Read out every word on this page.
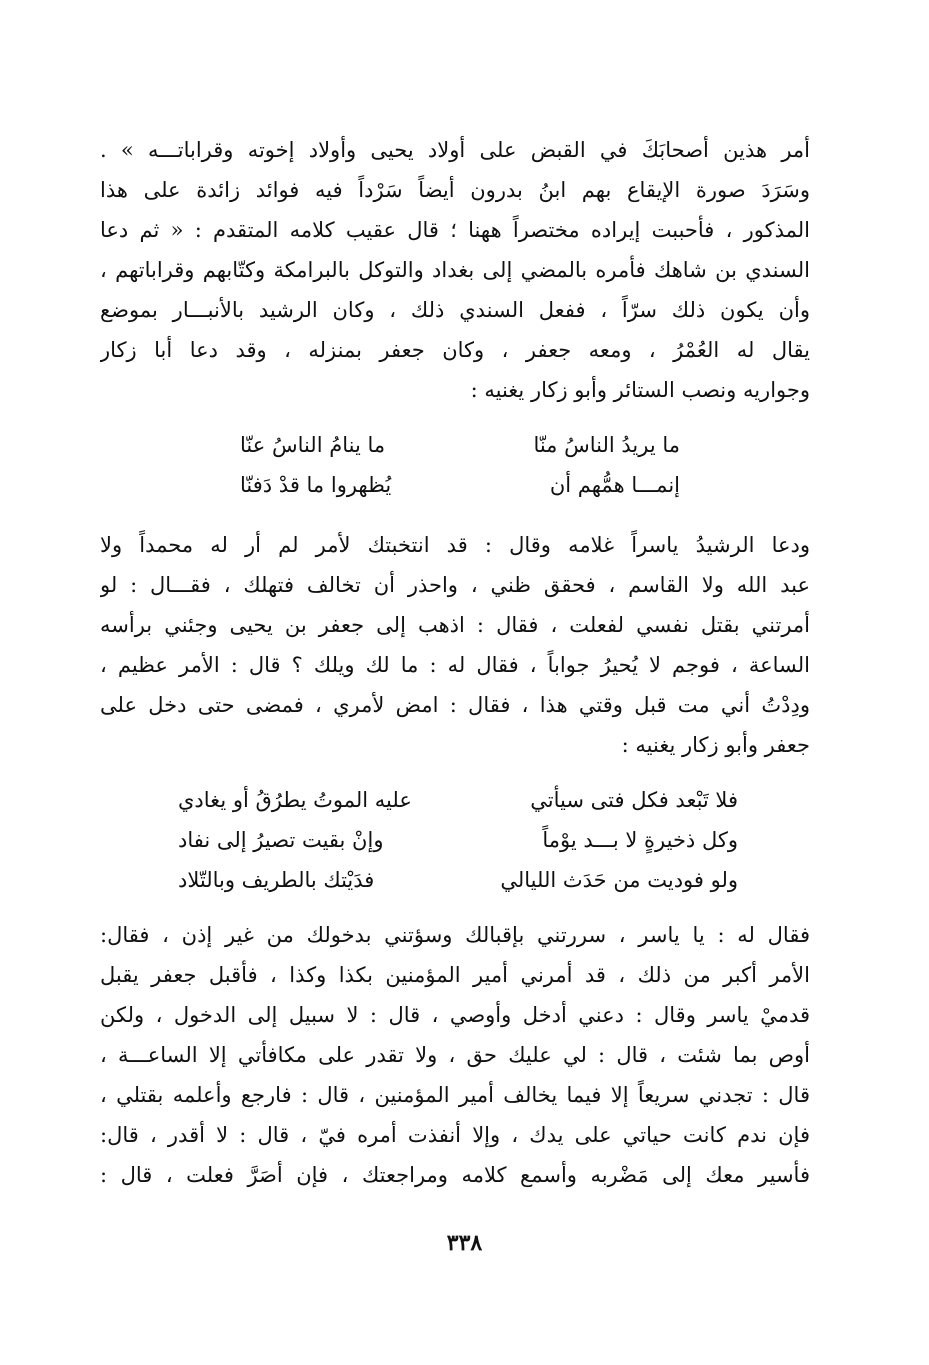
أمر هذين أصحابَكَ في القبض على أولاد يحيى وأولاد إخوته وقراباتـــه » .
وسَرَدَ صورة الإيقاع بهم ابنُ بدرون أيضاً سَرْداً فيه فوائد زائدة على هذا
المذكور ، فأحببت إيراده مختصراً ههنا ؛ قال عقيب كلامه المتقدم : « ثم دعا
السندي بن شاهك فأمره بالمضي إلى بغداد والتوكل بالبرامكة وكتّابهم وقراباتهم ،
وأن يكون ذلك سرّاً ، ففعل السندي ذلك ، وكان الرشيد بالأنبـــار بموضع
يقال له العُمْرُ ، ومعه جعفر ، وكان جعفر بمنزله ، وقد دعا أبا زكار
وجواريه ونصب الستائر وأبو زكار يغنيه :
ما يريدُ الناسُ منّا
ما ينامُ الناسُ عنّا
إنمـــا همُّهم أن
يُظهروا ما قدْ دَفنّا
ودعا الرشيدُ ياسراً غلامه وقال : قد انتخبتك لأمر لم أر له محمداً ولا
عبد الله ولا القاسم ، فحقق ظني ، واحذر أن تخالف فتهلك ، فقـــال : لو
أمرتني بقتل نفسي لفعلت ، فقال : اذهب إلى جعفر بن يحيى وجئني برأسه
الساعة ، فوجم لا يُحيرُ جواباً ، فقال له : ما لك ويلك ؟ قال : الأمر عظيم ،
ودِدْتُ أني مت قبل وقتي هذا ، فقال : امض لأمري ، فمضى حتى دخل على
جعفر وأبو زكار يغنيه :
فلا تَبْعد فكل فتى سيأتي
عليه الموتُ يطرُقُ أو يغادي
وكل ذخيرةٍ لا بـــد يوْماً
وإنْ بقيت تصيرُ إلى نفاد
ولو فوديت من حَدَث الليالي
فدَيْتك بالطريف وبالتّلاد
فقال له : يا ياسر ، سررتني بإقبالك وسؤتني بدخولك من غير إذن ، فقال:
الأمر أكبر من ذلك ، قد أمرني أمير المؤمنين بكذا وكذا ، فأقبل جعفر يقبل
قدميْ ياسر وقال : دعني أدخل وأوصي ، قال : لا سبيل إلى الدخول ، ولكن
أوص بما شئت ، قال : لي عليك حق ، ولا تقدر على مكافأتي إلا الساعـــة ،
قال : تجدني سريعاً إلا فيما يخالف أمير المؤمنين ، قال : فارجع وأعلمه بقتلي ،
فإن ندم كانت حياتي على يدك ، وإلا أنفذت أمره فيّ ، قال : لا أقدر ، قال:
فأسير معك إلى مَضْربه وأسمع كلامه ومراجعتك ، فإن أصَرَّ فعلت ، قال :
٣٣٨
